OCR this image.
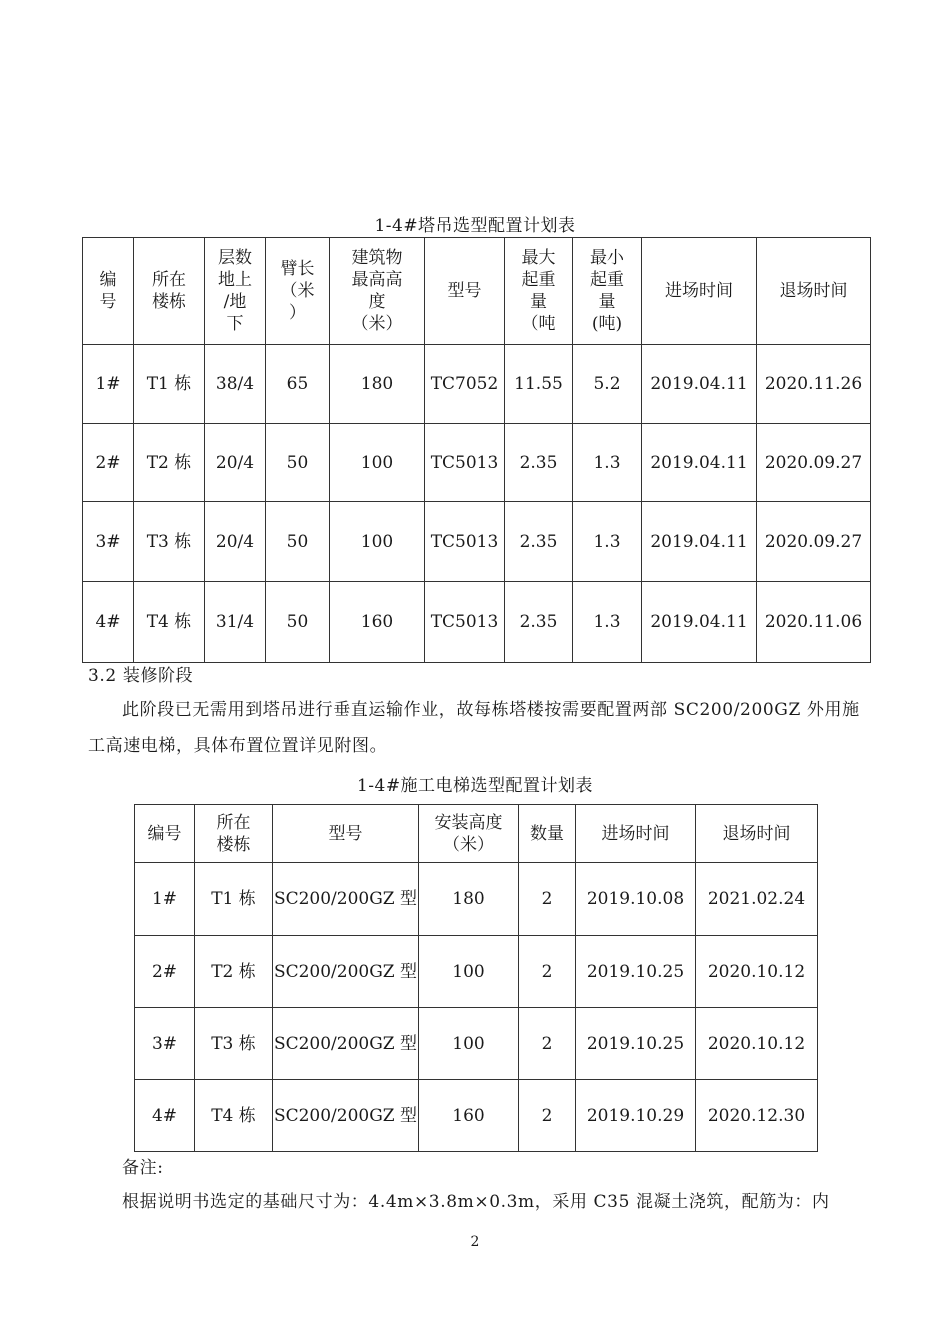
1-4#塔吊选型配置计划表
编
号	所在
楼栋	层数
地上
/地
下	臂长
（米
）	建筑物
最高高
度
（米）	型号	最大
起重
量
（吨	最小
起重
量
(吨)	进场时间	退场时间
1#	T1 栋	38/4	65	180	TC7052	11.55	5.2	2019.04.11	2020.11.26
2#	T2 栋	20/4	50	100	TC5013	2.35	1.3	2019.04.11	2020.09.27
3#	T3 栋	20/4	50	100	TC5013	2.35	1.3	2019.04.11	2020.09.27
4#	T4 栋	31/4	50	160	TC5013	2.35	1.3	2019.04.11	2020.11.06
3.2 装修阶段
此阶段已无需用到塔吊进行垂直运输作业，故每栋塔楼按需要配置两部 SC200/200GZ 外用施工高速电梯，具体布置位置详见附图。
1-4#施工电梯选型配置计划表
编号	所在
楼栋	型号	安装高度
（米）	数量	进场时间	退场时间
1#	T1 栋	SC200/200GZ 型	180	2	2019.10.08	2021.02.24
2#	T2 栋	SC200/200GZ 型	100	2	2019.10.25	2020.10.12
3#	T3 栋	SC200/200GZ 型	100	2	2019.10.25	2020.10.12
4#	T4 栋	SC200/200GZ 型	160	2	2019.10.29	2020.12.30
备注:
根据说明书选定的基础尺寸为：4.4m×3.8m×0.3m，采用 C35 混凝土浇筑，配筋为：内
2
